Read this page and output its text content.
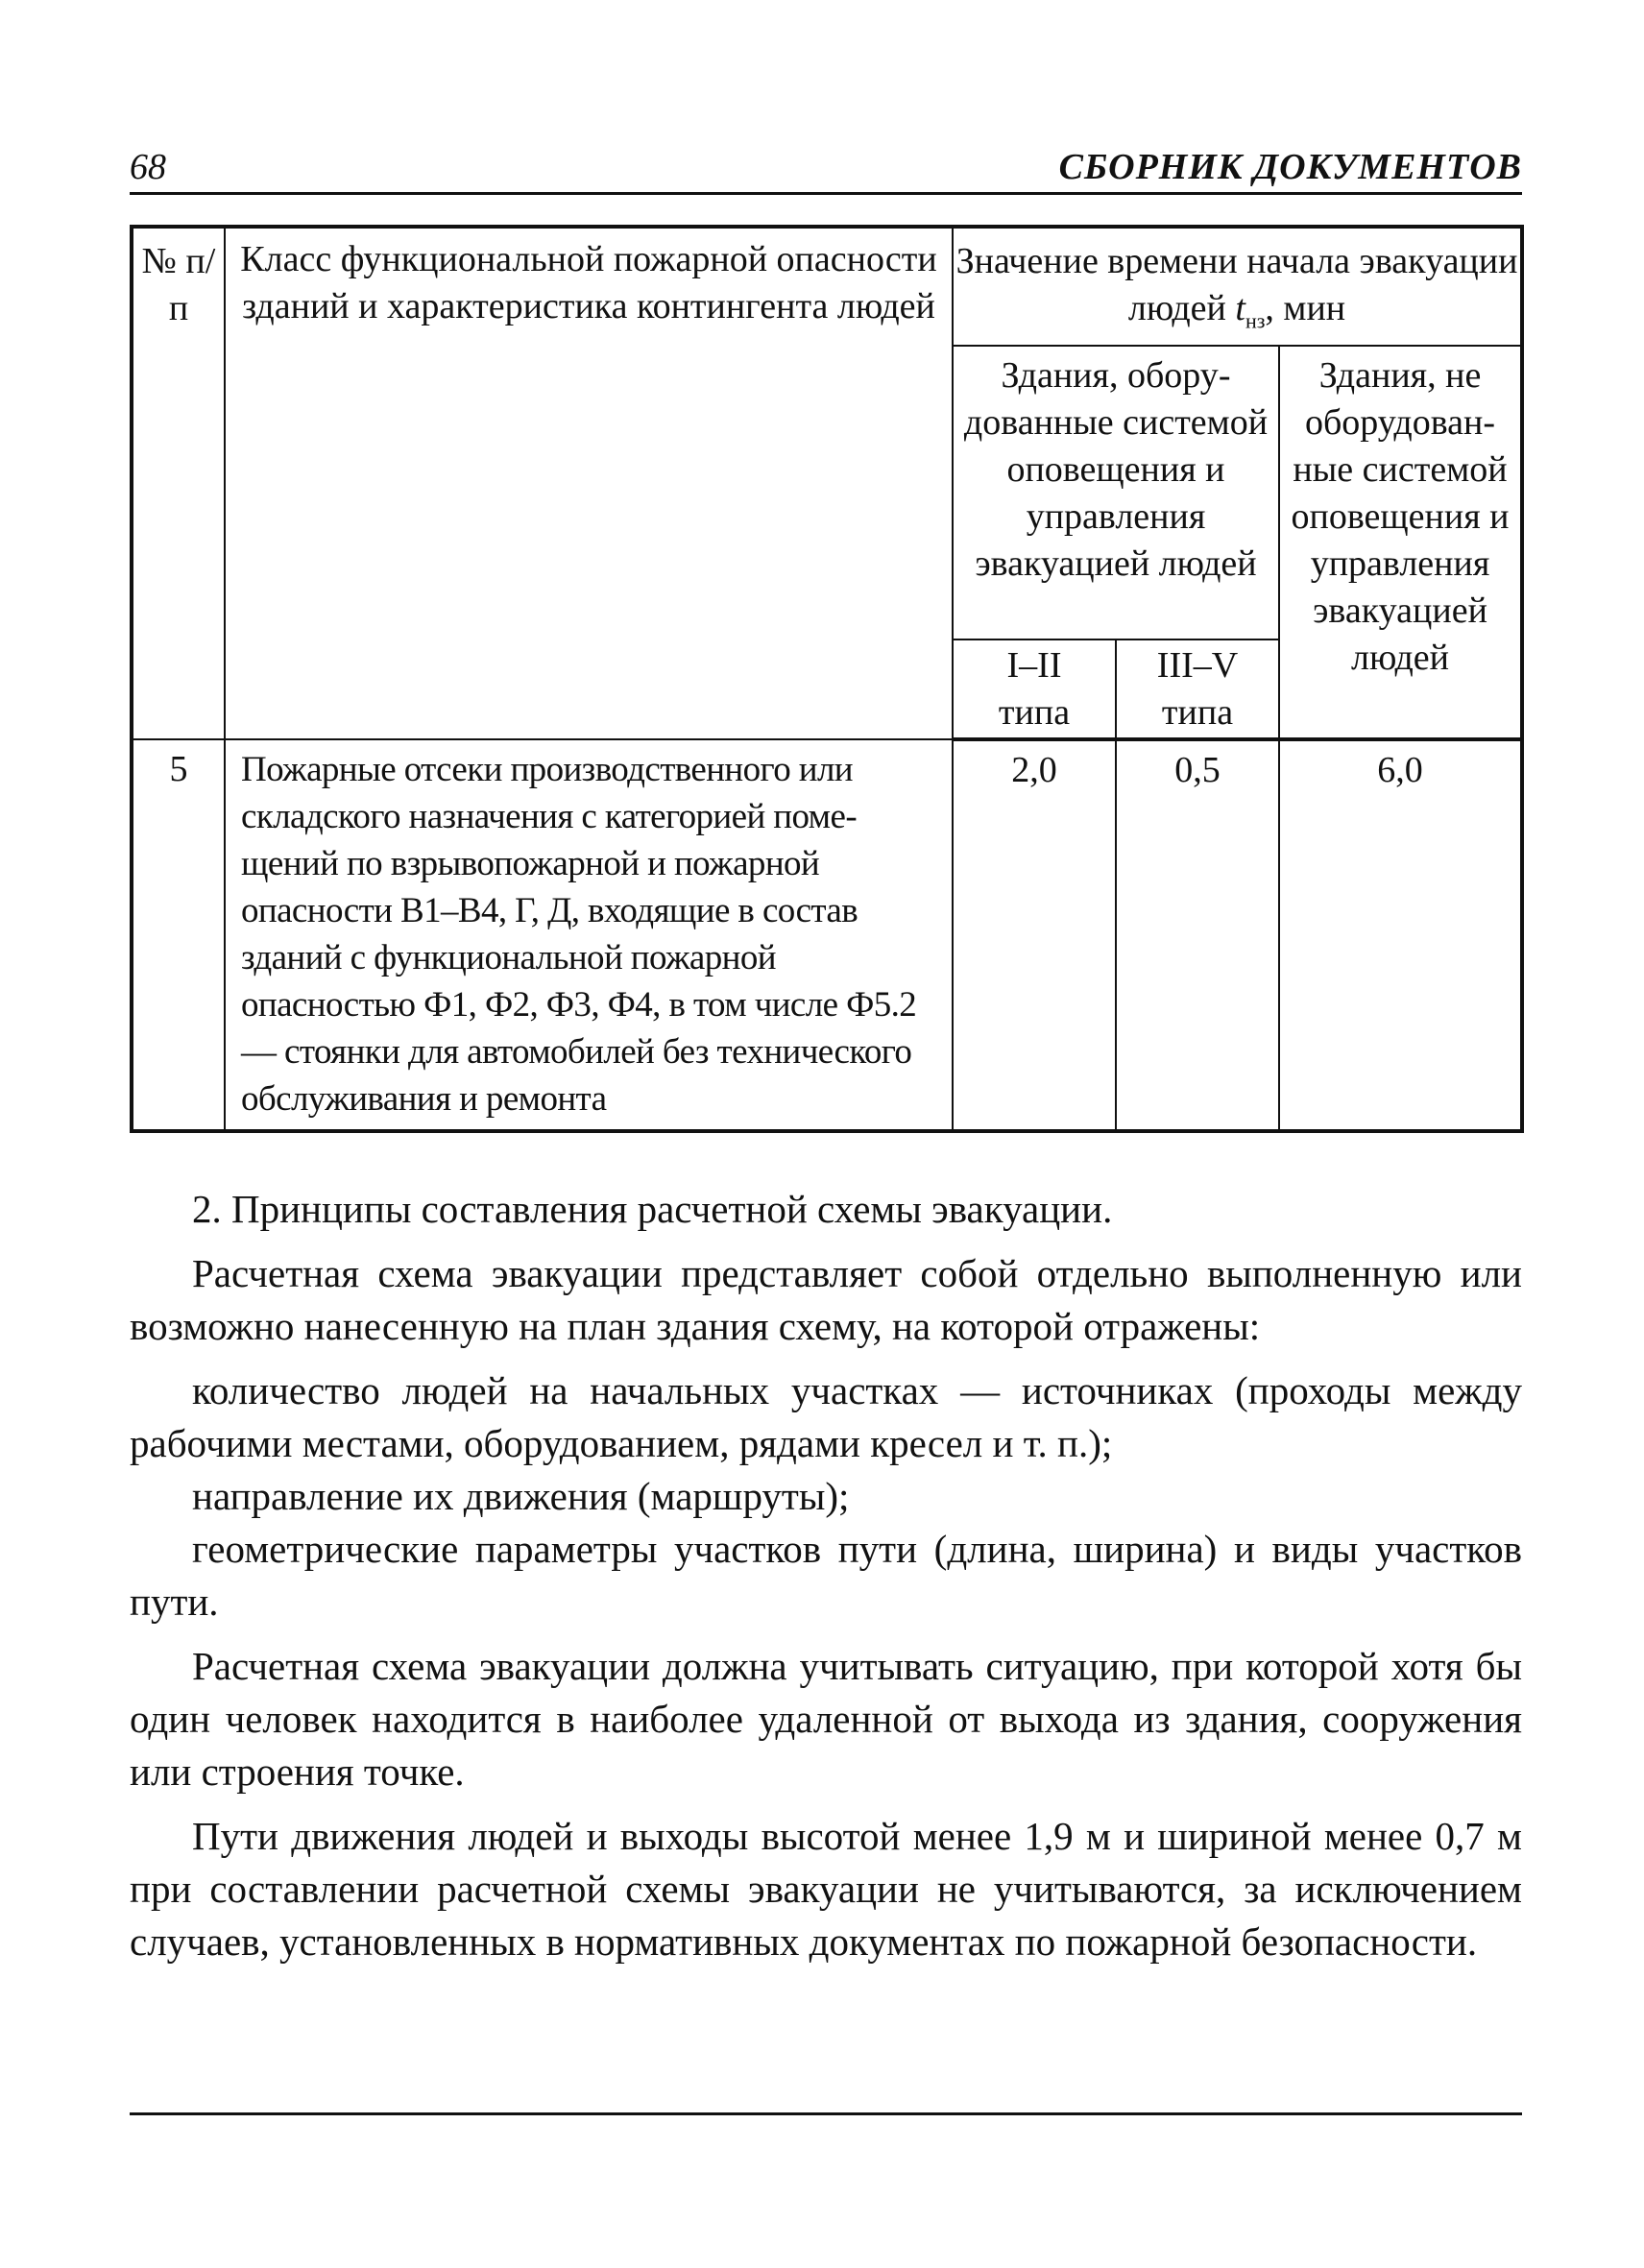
68	СБОРНИК ДОКУМЕНТОВ
№ п/п	Класс функциональной пожарной опасности зданий и характеристика контингента людей	Значение времени начала эвакуации людей $t_{нз}$, мин		
		Здания, оборудованные системой оповещения и управления эвакуацией людей		Здания, не оборудованные системой оповещения и управления эвакуацией людей
		I–II типа	III–V типа	
5	Пожарные отсеки производственного или складского назначения с категорией помещений по взрывопожарной и пожарной опасности В1–В4, Г, Д, входящие в состав зданий с функциональной пожарной опасностью Ф1, Ф2, Ф3, Ф4, в том числе Ф5.2 — стоянки для автомобилей без технического обслуживания и ремонта	2,0	0,5	6,0

2. Принципы составления расчетной схемы эвакуации.

Расчетная схема эвакуации представляет собой отдельно выполненную или возможно нанесенную на план здания схему, на которой отражены:

количество людей на начальных участках — источниках (проходы между рабочими местами, оборудованием, рядами кресел и т. п.);

направление их движения (маршруты);

геометрические параметры участков пути (длина, ширина) и виды участков пути.

Расчетная схема эвакуации должна учитывать ситуацию, при которой хотя бы один человек находится в наиболее удаленной от выхода из здания, сооружения или строения точке.

Пути движения людей и выходы высотой менее 1,9 м и шириной менее 0,7 м при составлении расчетной схемы эвакуации не учитываются, за исключением случаев, установленных в нормативных документах по пожарной безопасности.
